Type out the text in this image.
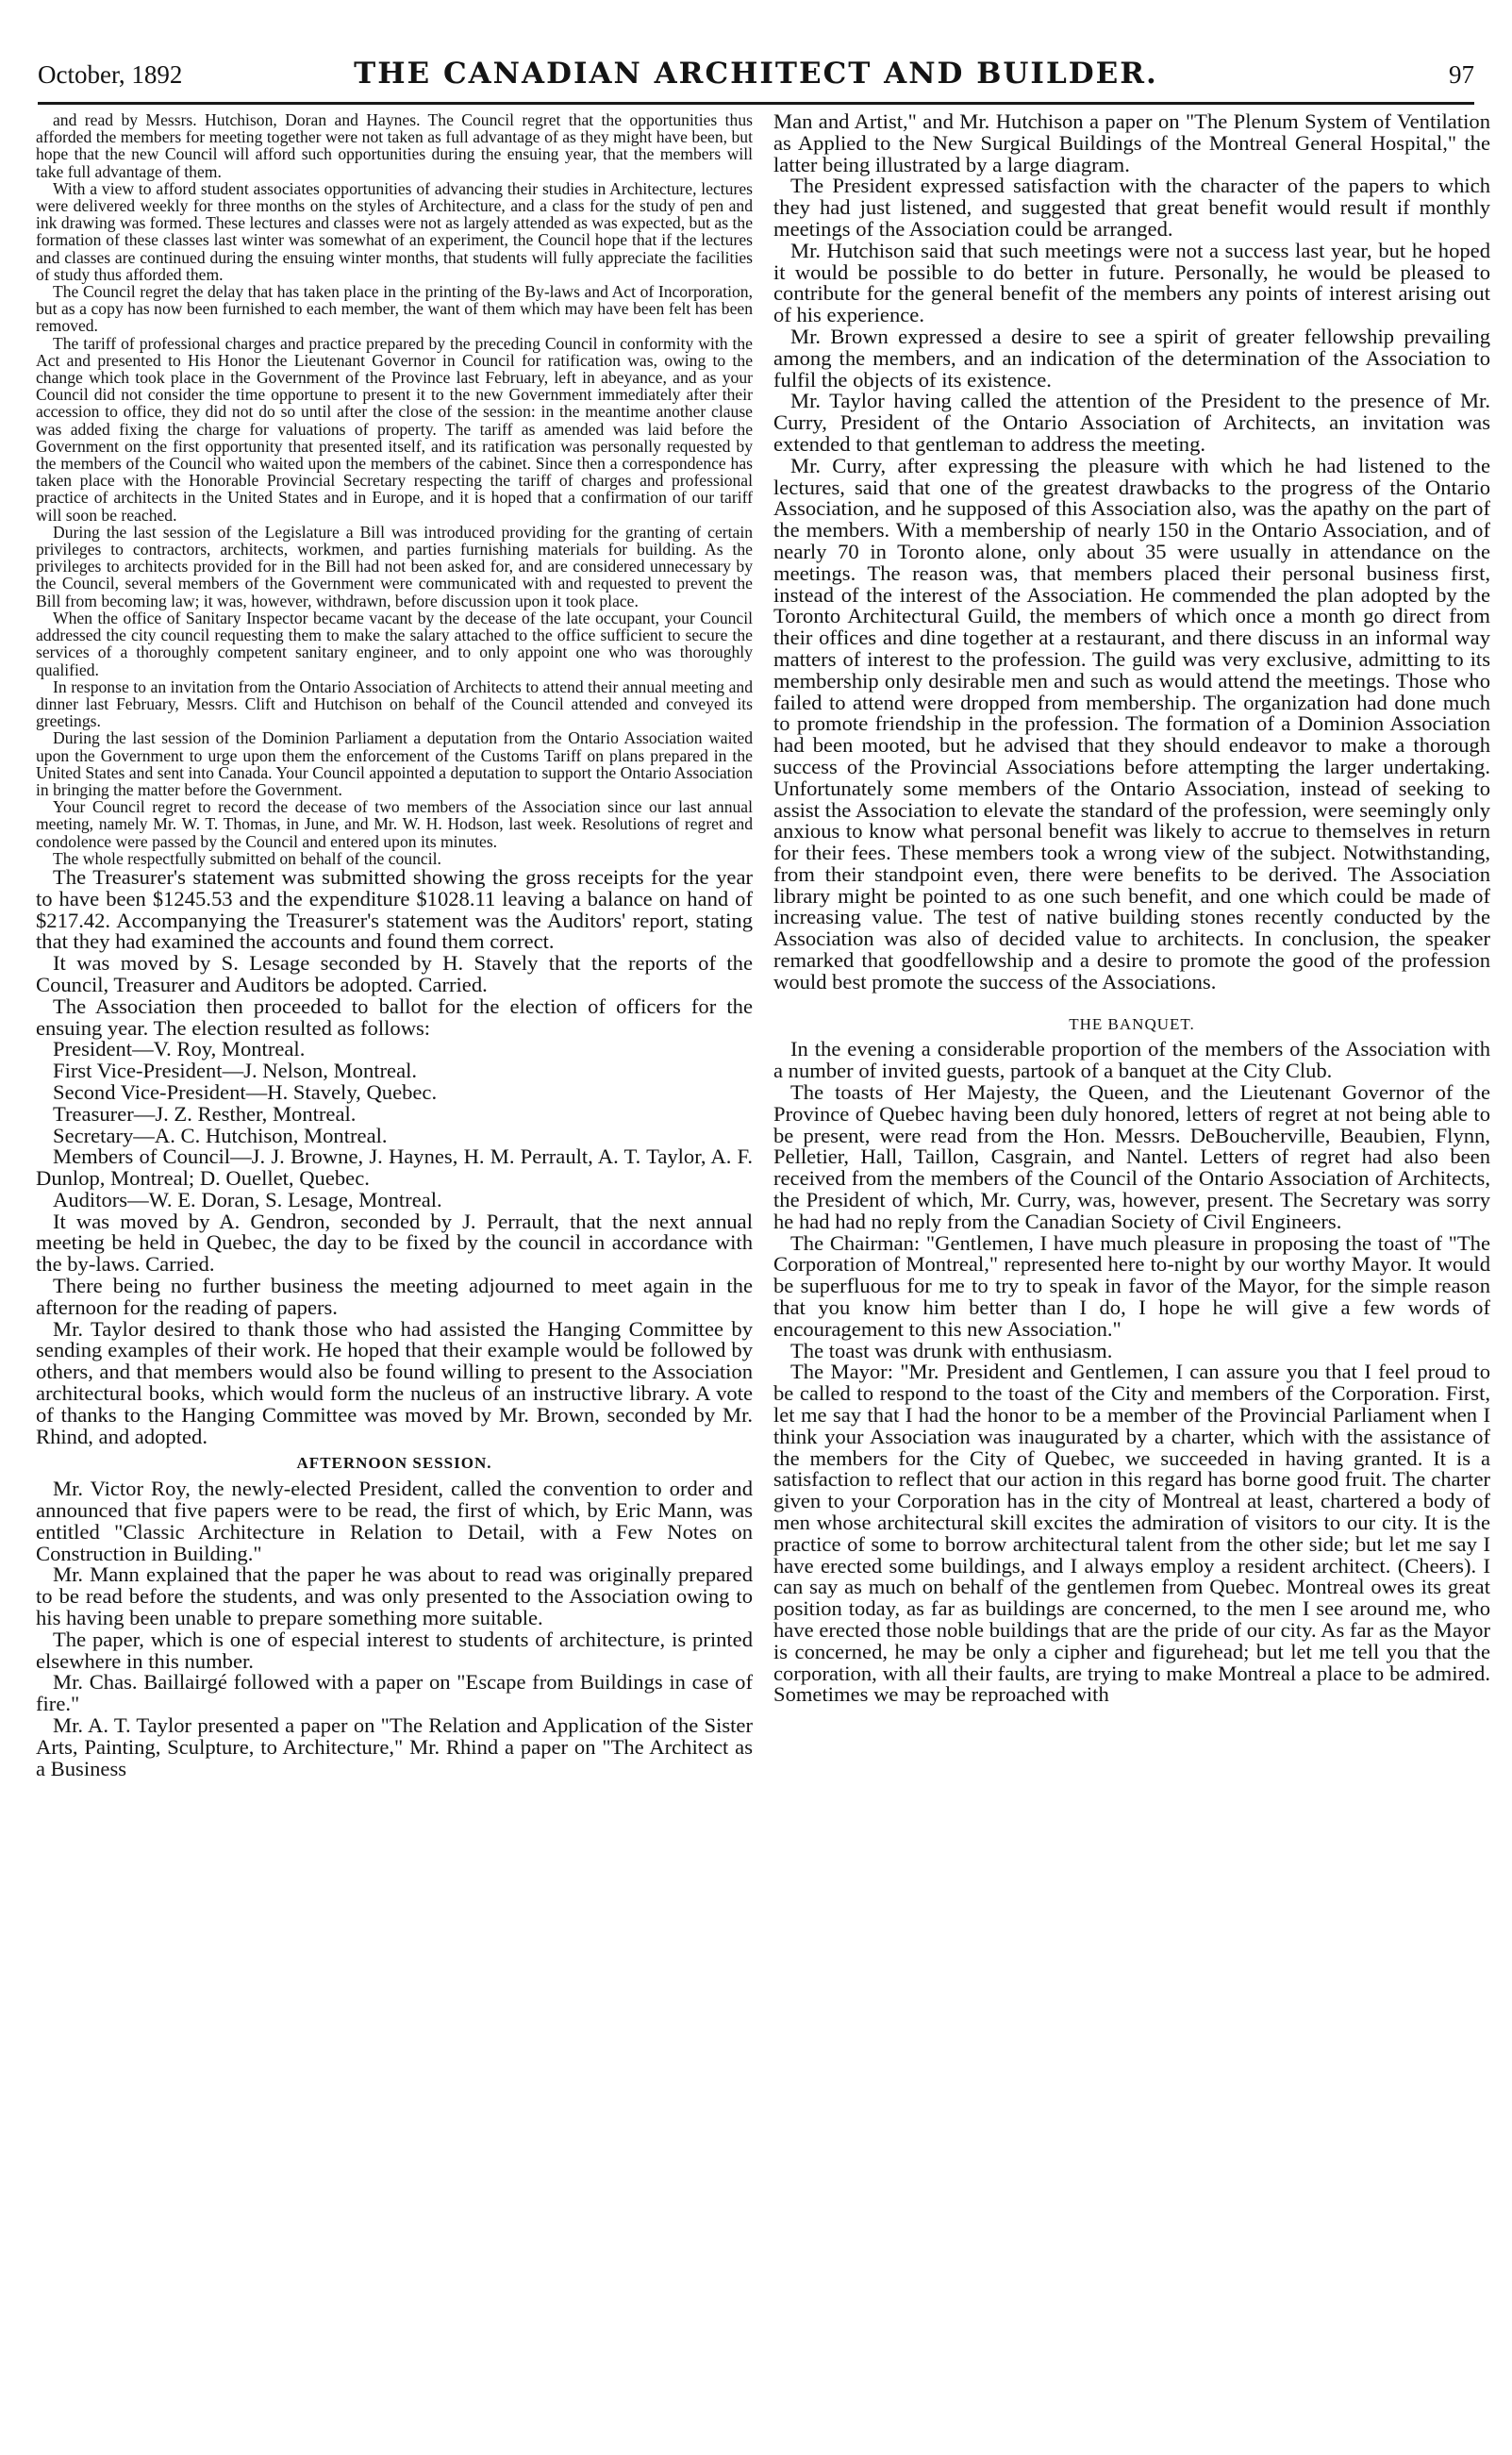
October, 1892	THE CANADIAN ARCHITECT AND BUILDER.	97

and read by Messrs. Hutchison, Doran and Haynes. The Council regret that the opportunities thus afforded the members for meeting together were not taken as full advantage of as they might have been, but hope that the new Council will afford such opportunities during the ensuing year, that the members will take full advantage of them.

With a view to afford student associates opportunities of advancing their studies in Architecture, lectures were delivered weekly for three months on the styles of Architecture, and a class for the study of pen and ink drawing was formed. These lectures and classes were not as largely attended as was expected, but as the formation of these classes last winter was somewhat of an experiment, the Council hope that if the lectures and classes are continued during the ensuing winter months, that students will fully appreciate the facilities of study thus afforded them.

The Council regret the delay that has taken place in the printing of the By-laws and Act of Incorporation, but as a copy has now been furnished to each member, the want of them which may have been felt has been removed.

The tariff of professional charges and practice prepared by the preceding Council in conformity with the Act and presented to His Honor the Lieutenant Governor in Council for ratification was, owing to the change which took place in the Government of the Province last February, left in abeyance, and as your Council did not consider the time opportune to present it to the new Government immediately after their accession to office, they did not do so until after the close of the session: in the meantime another clause was added fixing the charge for valuations of property. The tariff as amended was laid before the Government on the first opportunity that presented itself, and its ratification was personally requested by the members of the Council who waited upon the members of the cabinet. Since then a correspondence has taken place with the Honorable Provincial Secretary respecting the tariff of charges and professional practice of architects in the United States and in Europe, and it is hoped that a confirmation of our tariff will soon be reached.

During the last session of the Legislature a Bill was introduced providing for the granting of certain privileges to contractors, architects, workmen, and parties furnishing materials for building. As the privileges to architects provided for in the Bill had not been asked for, and are considered unnecessary by the Council, several members of the Government were communicated with and requested to prevent the Bill from becoming law; it was, however, withdrawn, before discussion upon it took place.

When the office of Sanitary Inspector became vacant by the decease of the late occupant, your Council addressed the city council requesting them to make the salary attached to the office sufficient to secure the services of a thoroughly competent sanitary engineer, and to only appoint one who was thoroughly qualified.

In response to an invitation from the Ontario Association of Architects to attend their annual meeting and dinner last February, Messrs. Clift and Hutchison on behalf of the Council attended and conveyed its greetings.

During the last session of the Dominion Parliament a deputation from the Ontario Association waited upon the Government to urge upon them the enforcement of the Customs Tariff on plans prepared in the United States and sent into Canada. Your Council appointed a deputation to support the Ontario Association in bringing the matter before the Government.

Your Council regret to record the decease of two members of the Association since our last annual meeting, namely Mr. W. T. Thomas, in June, and Mr. W. H. Hodson, last week. Resolutions of regret and condolence were passed by the Council and entered upon its minutes.

The whole respectfully submitted on behalf of the council.

The Treasurer's statement was submitted showing the gross receipts for the year to have been $1245.53 and the expenditure $1028.11 leaving a balance on hand of $217.42. Accompanying the Treasurer's statement was the Auditors' report, stating that they had examined the accounts and found them correct.

It was moved by S. Lesage seconded by H. Stavely that the reports of the Council, Treasurer and Auditors be adopted. Carried.

The Association then proceeded to ballot for the election of officers for the ensuing year. The election resulted as follows:

President—V. Roy, Montreal.

First Vice-President—J. Nelson, Montreal.

Second Vice-President—H. Stavely, Quebec.

Treasurer—J. Z. Resther, Montreal.

Secretary—A. C. Hutchison, Montreal.

Members of Council—J. J. Browne, J. Haynes, H. M. Perrault, A. T. Taylor, A. F. Dunlop, Montreal; D. Ouellet, Quebec.

Auditors—W. E. Doran, S. Lesage, Montreal.

It was moved by A. Gendron, seconded by J. Perrault, that the next annual meeting be held in Quebec, the day to be fixed by the council in accordance with the by-laws. Carried.

There being no further business the meeting adjourned to meet again in the afternoon for the reading of papers.

Mr. Taylor desired to thank those who had assisted the Hanging Committee by sending examples of their work. He hoped that their example would be followed by others, and that members would also be found willing to present to the Association architectural books, which would form the nucleus of an instructive library. A vote of thanks to the Hanging Committee was moved by Mr. Brown, seconded by Mr. Rhind, and adopted.

AFTERNOON SESSION.

Mr. Victor Roy, the newly-elected President, called the convention to order and announced that five papers were to be read, the first of which, by Eric Mann, was entitled "Classic Architecture in Relation to Detail, with a Few Notes on Construction in Building."

Mr. Mann explained that the paper he was about to read was originally prepared to be read before the students, and was only presented to the Association owing to his having been unable to prepare something more suitable.

The paper, which is one of especial interest to students of architecture, is printed elsewhere in this number.

Mr. Chas. Baillairgé followed with a paper on "Escape from Buildings in case of fire."

Mr. A. T. Taylor presented a paper on "The Relation and Application of the Sister Arts, Painting, Sculpture, to Architecture," Mr. Rhind a paper on "The Architect as a Business

Man and Artist," and Mr. Hutchison a paper on "The Plenum System of Ventilation as Applied to the New Surgical Buildings of the Montreal General Hospital," the latter being illustrated by a large diagram.

The President expressed satisfaction with the character of the papers to which they had just listened, and suggested that great benefit would result if monthly meetings of the Association could be arranged.

Mr. Hutchison said that such meetings were not a success last year, but he hoped it would be possible to do better in future. Personally, he would be pleased to contribute for the general benefit of the members any points of interest arising out of his experience.

Mr. Brown expressed a desire to see a spirit of greater fellowship prevailing among the members, and an indication of the determination of the Association to fulfil the objects of its existence.

Mr. Taylor having called the attention of the President to the presence of Mr. Curry, President of the Ontario Association of Architects, an invitation was extended to that gentleman to address the meeting.

Mr. Curry, after expressing the pleasure with which he had listened to the lectures, said that one of the greatest drawbacks to the progress of the Ontario Association, and he supposed of this Association also, was the apathy on the part of the members. With a membership of nearly 150 in the Ontario Association, and of nearly 70 in Toronto alone, only about 35 were usually in attendance on the meetings. The reason was, that members placed their personal business first, instead of the interest of the Association. He commended the plan adopted by the Toronto Architectural Guild, the members of which once a month go direct from their offices and dine together at a restaurant, and there discuss in an informal way matters of interest to the profession. The guild was very exclusive, admitting to its membership only desirable men and such as would attend the meetings. Those who failed to attend were dropped from membership. The organization had done much to promote friendship in the profession. The formation of a Dominion Association had been mooted, but he advised that they should endeavor to make a thorough success of the Provincial Associations before attempting the larger undertaking. Unfortunately some members of the Ontario Association, instead of seeking to assist the Association to elevate the standard of the profession, were seemingly only anxious to know what personal benefit was likely to accrue to themselves in return for their fees. These members took a wrong view of the subject. Notwithstanding, from their standpoint even, there were benefits to be derived. The Association library might be pointed to as one such benefit, and one which could be made of increasing value. The test of native building stones recently conducted by the Association was also of decided value to architects. In conclusion, the speaker remarked that goodfellowship and a desire to promote the good of the profession would best promote the success of the Associations.

THE BANQUET.

In the evening a considerable proportion of the members of the Association with a number of invited guests, partook of a banquet at the City Club.

The toasts of Her Majesty, the Queen, and the Lieutenant Governor of the Province of Quebec having been duly honored, letters of regret at not being able to be present, were read from the Hon. Messrs. DeBoucherville, Beaubien, Flynn, Pelletier, Hall, Taillon, Casgrain, and Nantel. Letters of regret had also been received from the members of the Council of the Ontario Association of Architects, the President of which, Mr. Curry, was, however, present. The Secretary was sorry he had had no reply from the Canadian Society of Civil Engineers.

The Chairman: "Gentlemen, I have much pleasure in proposing the toast of "The Corporation of Montreal," represented here to-night by our worthy Mayor. It would be superfluous for me to try to speak in favor of the Mayor, for the simple reason that you know him better than I do, I hope he will give a few words of encouragement to this new Association."

The toast was drunk with enthusiasm.

The Mayor: "Mr. President and Gentlemen, I can assure you that I feel proud to be called to respond to the toast of the City and members of the Corporation. First, let me say that I had the honor to be a member of the Provincial Parliament when I think your Association was inaugurated by a charter, which with the assistance of the members for the City of Quebec, we succeeded in having granted. It is a satisfaction to reflect that our action in this regard has borne good fruit. The charter given to your Corporation has in the city of Montreal at least, chartered a body of men whose architectural skill excites the admiration of visitors to our city. It is the practice of some to borrow architectural talent from the other side; but let me say I have erected some buildings, and I always employ a resident architect. (Cheers). I can say as much on behalf of the gentlemen from Quebec. Montreal owes its great position today, as far as buildings are concerned, to the men I see around me, who have erected those noble buildings that are the pride of our city. As far as the Mayor is concerned, he may be only a cipher and figurehead; but let me tell you that the corporation, with all their faults, are trying to make Montreal a place to be admired. Sometimes we may be reproached with
